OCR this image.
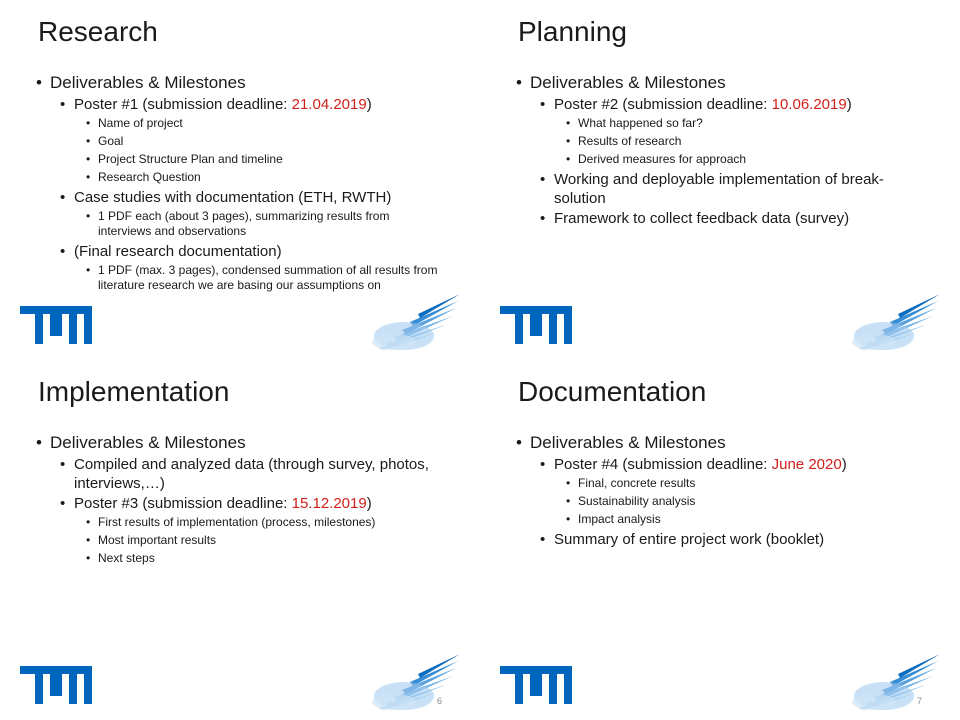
Research
• Deliverables & Milestones
• Poster #1 (submission deadline: 21.04.2019)
• Name of project
• Goal
• Project Structure Plan and timeline
• Research Question
• Case studies with documentation (ETH, RWTH)
• 1 PDF each (about 3 pages), summarizing results from interviews and observations
• (Final research documentation)
• 1 PDF (max. 3 pages), condensed summation of all results from literature research we are basing our assumptions on
Planning
• Deliverables & Milestones
• Poster #2 (submission deadline: 10.06.2019)
• What happened so far?
• Results of research
• Derived measures for approach
• Working and deployable implementation of break-solution
• Framework to collect feedback data (survey)
Implementation
• Deliverables & Milestones
• Compiled and analyzed data (through survey, photos, interviews,…)
• Poster #3 (submission deadline: 15.12.2019)
• First results of implementation (process, milestones)
• Most important results
• Next steps
6
Documentation
• Deliverables & Milestones
• Poster #4 (submission deadline: June 2020)
• Final, concrete results
• Sustainability analysis
• Impact analysis
• Summary of entire project work (booklet)
7
